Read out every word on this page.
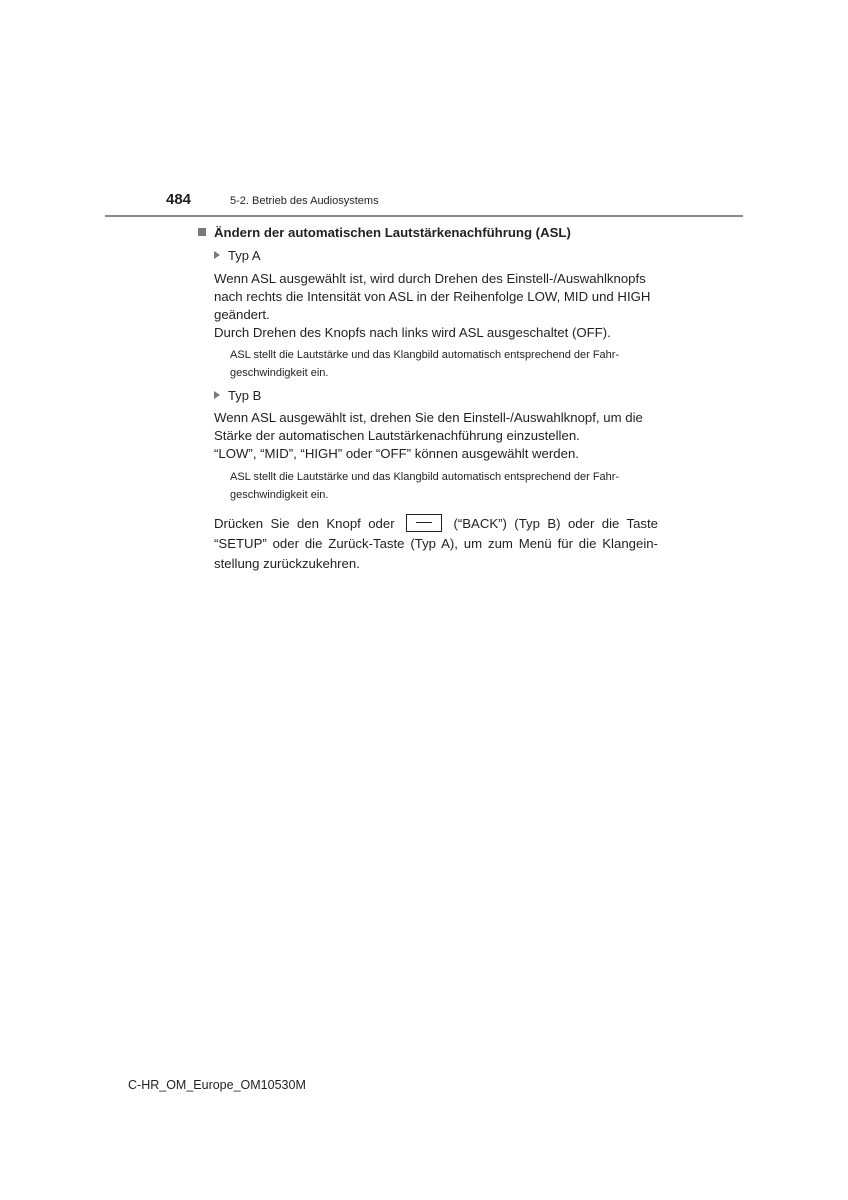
484	5-2. Betrieb des Audiosystems
Ändern der automatischen Lautstärkenachführung (ASL)
Typ A
Wenn ASL ausgewählt ist, wird durch Drehen des Einstell-/Auswahlknopfs
nach rechts die Intensität von ASL in der Reihenfolge LOW, MID und HIGH
geändert.
Durch Drehen des Knopfs nach links wird ASL ausgeschaltet (OFF).
ASL stellt die Lautstärke und das Klangbild automatisch entsprechend der Fahr-
geschwindigkeit ein.
Typ B
Wenn ASL ausgewählt ist, drehen Sie den Einstell-/Auswahlknopf, um die
Stärke der automatischen Lautstärkenachführung einzustellen.
“LOW”, “MID”, “HIGH” oder “OFF” können ausgewählt werden.
ASL stellt die Lautstärke und das Klangbild automatisch entsprechend der Fahr-
geschwindigkeit ein.
Drücken Sie den Knopf oder	(“BACK”) (Typ B) oder die Taste “SETUP” oder die Zurück-Taste (Typ A), um zum Menü für die Klangeinstellung zurückzukehren.
C-HR_OM_Europe_OM10530M
